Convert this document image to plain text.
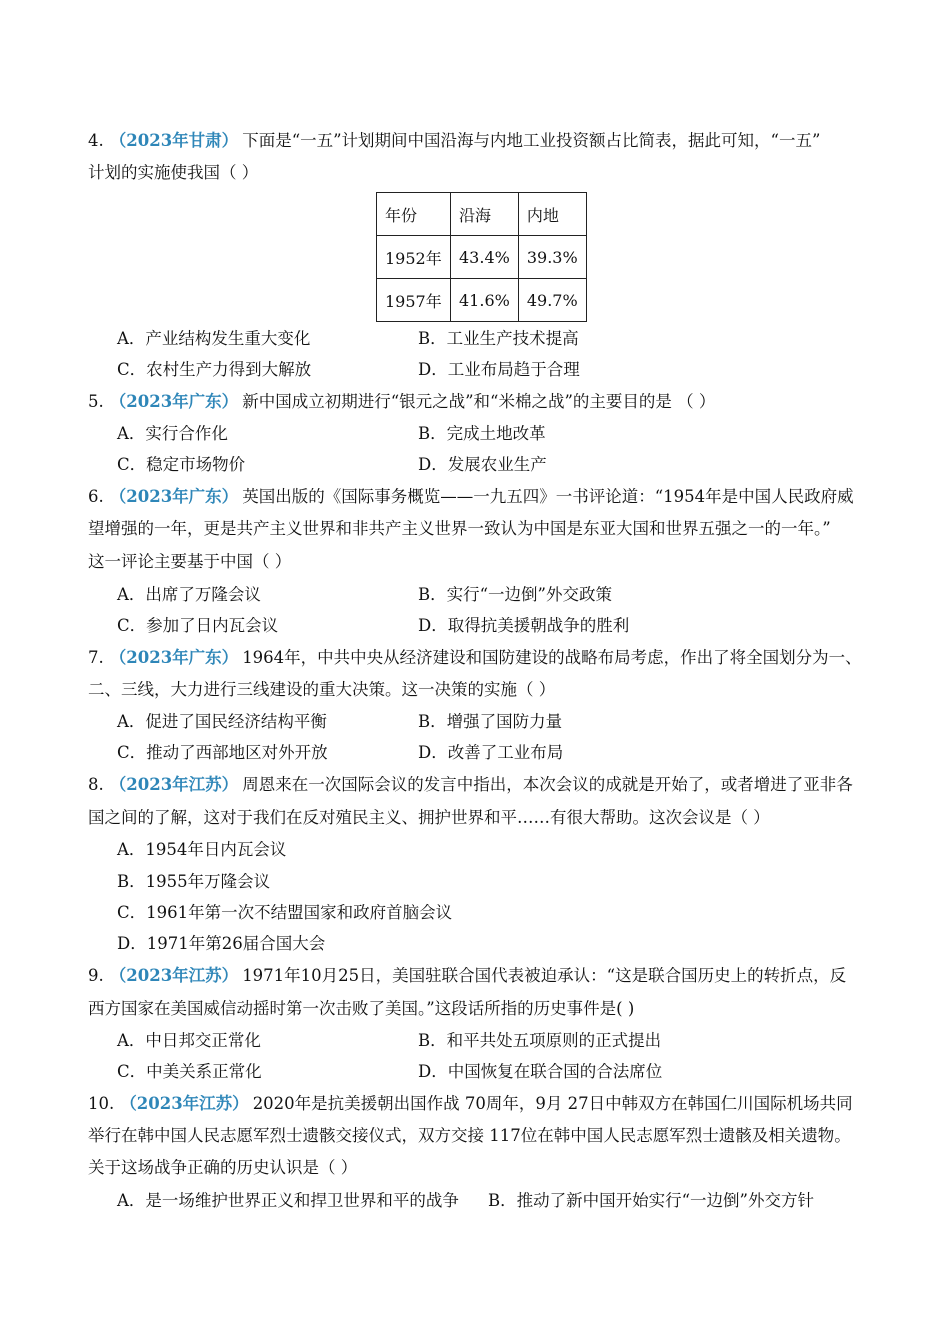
4. （2023年甘肃） 下面是“一五”计划期间中国沿海与内地工业投资额占比简表，据此可知，“一五”
计划的实施使我国（ ）
年份	沿海	内地
1952年	43.4%	39.3%
1957年	41.6%	49.7%
A．产业结构发生重大变化	B．工业生产技术提高
C．农村生产力得到大解放	D．工业布局趋于合理
5. （2023年广东） 新中国成立初期进行“银元之战”和“米棉之战”的主要目的是 （ ）
A．实行合作化	B．完成土地改革
C．稳定市场物价	D．发展农业生产
6. （2023年广东） 英国出版的《国际事务概览——一九五四》一书评论道：“1954年是中国人民政府威
望增强的一年，更是共产主义世界和非共产主义世界一致认为中国是东亚大国和世界五强之一的一年。”
这一评论主要基于中国（ ）
A．出席了万隆会议	B．实行“一边倒”外交政策
C．参加了日内瓦会议	D．取得抗美援朝战争的胜利
7. （2023年广东） 1964年，中共中央从经济建设和国防建设的战略布局考虑，作出了将全国划分为一、
二、三线，大力进行三线建设的重大决策。这一决策的实施（ ）
A．促进了国民经济结构平衡	B．增强了国防力量
C．推动了西部地区对外开放	D．改善了工业布局
8. （2023年江苏） 周恩来在一次国际会议的发言中指出，本次会议的成就是开始了，或者增进了亚非各
国之间的了解，这对于我们在反对殖民主义、拥护世界和平……有很大帮助。这次会议是（ ）
A．1954年日内瓦会议
B．1955年万隆会议
C．1961年第一次不结盟国家和政府首脑会议
D．1971年第26届合国大会
9. （2023年江苏） 1971年10月25日，美国驻联合国代表被迫承认：“这是联合国历史上的转折点，反
西方国家在美国威信动摇时第一次击败了美国。”这段话所指的历史事件是( )
A．中日邦交正常化	B．和平共处五项原则的正式提出
C．中美关系正常化	D．中国恢复在联合国的合法席位
10. （2023年江苏） 2020年是抗美援朝出国作战 70周年，9月 27日中韩双方在韩国仁川国际机场共同
举行在韩中国人民志愿军烈士遗骸交接仪式，双方交接 117位在韩中国人民志愿军烈士遗骸及相关遗物。
关于这场战争正确的历史认识是（ ）
A．是一场维护世界正义和捍卫世界和平的战争 B．推动了新中国开始实行“一边倒”外交方针
